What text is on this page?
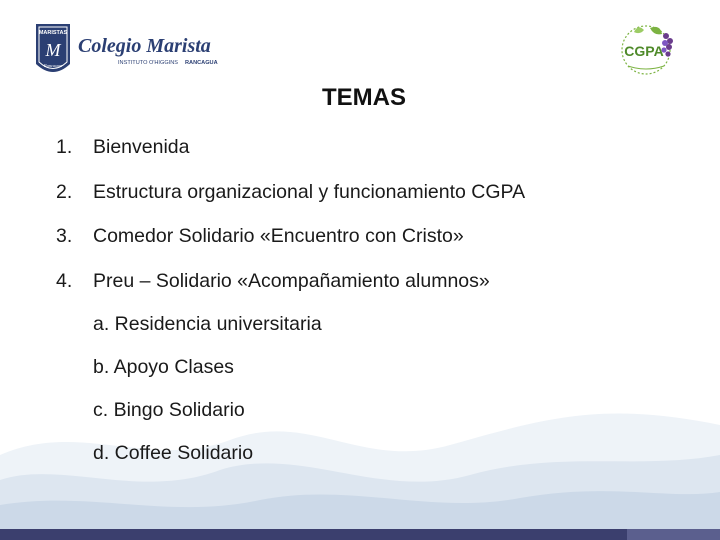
MARISTAS
M
Rancagua
Colegio Marista
INSTITUTO O'HIGGINS RANCAGUA
CGPA
TEMAS
1. Bienvenida
2. Estructura organizacional y funcionamiento CGPA
3. Comedor Solidario «Encuentro con Cristo»
4. Preu – Solidario «Acompañamiento alumnos»
a. Residencia universitaria
b. Apoyo Clases
c. Bingo Solidario
d. Coffee Solidario
